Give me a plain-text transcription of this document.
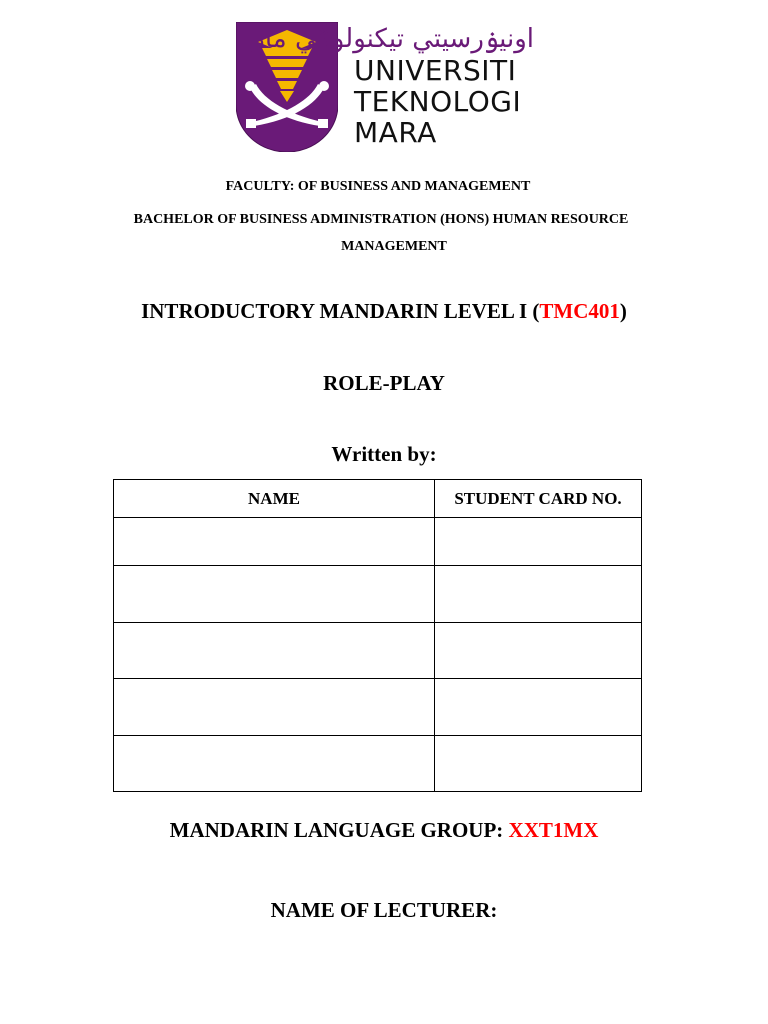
اونيۏرسيتي تيكنولوݢي مارا
UNIVERSITI
TEKNOLOGI
MARA
FACULTY: OF BUSINESS AND MANAGEMENT
BACHELOR OF BUSINESS ADMINISTRATION (HONS) HUMAN RESOURCE
MANAGEMENT
INTRODUCTORY MANDARIN LEVEL I (TMC401)
ROLE-PLAY
Written by:
NAME	STUDENT CARD NO.

MANDARIN LANGUAGE GROUP: XXT1MX
NAME OF LECTURER:
